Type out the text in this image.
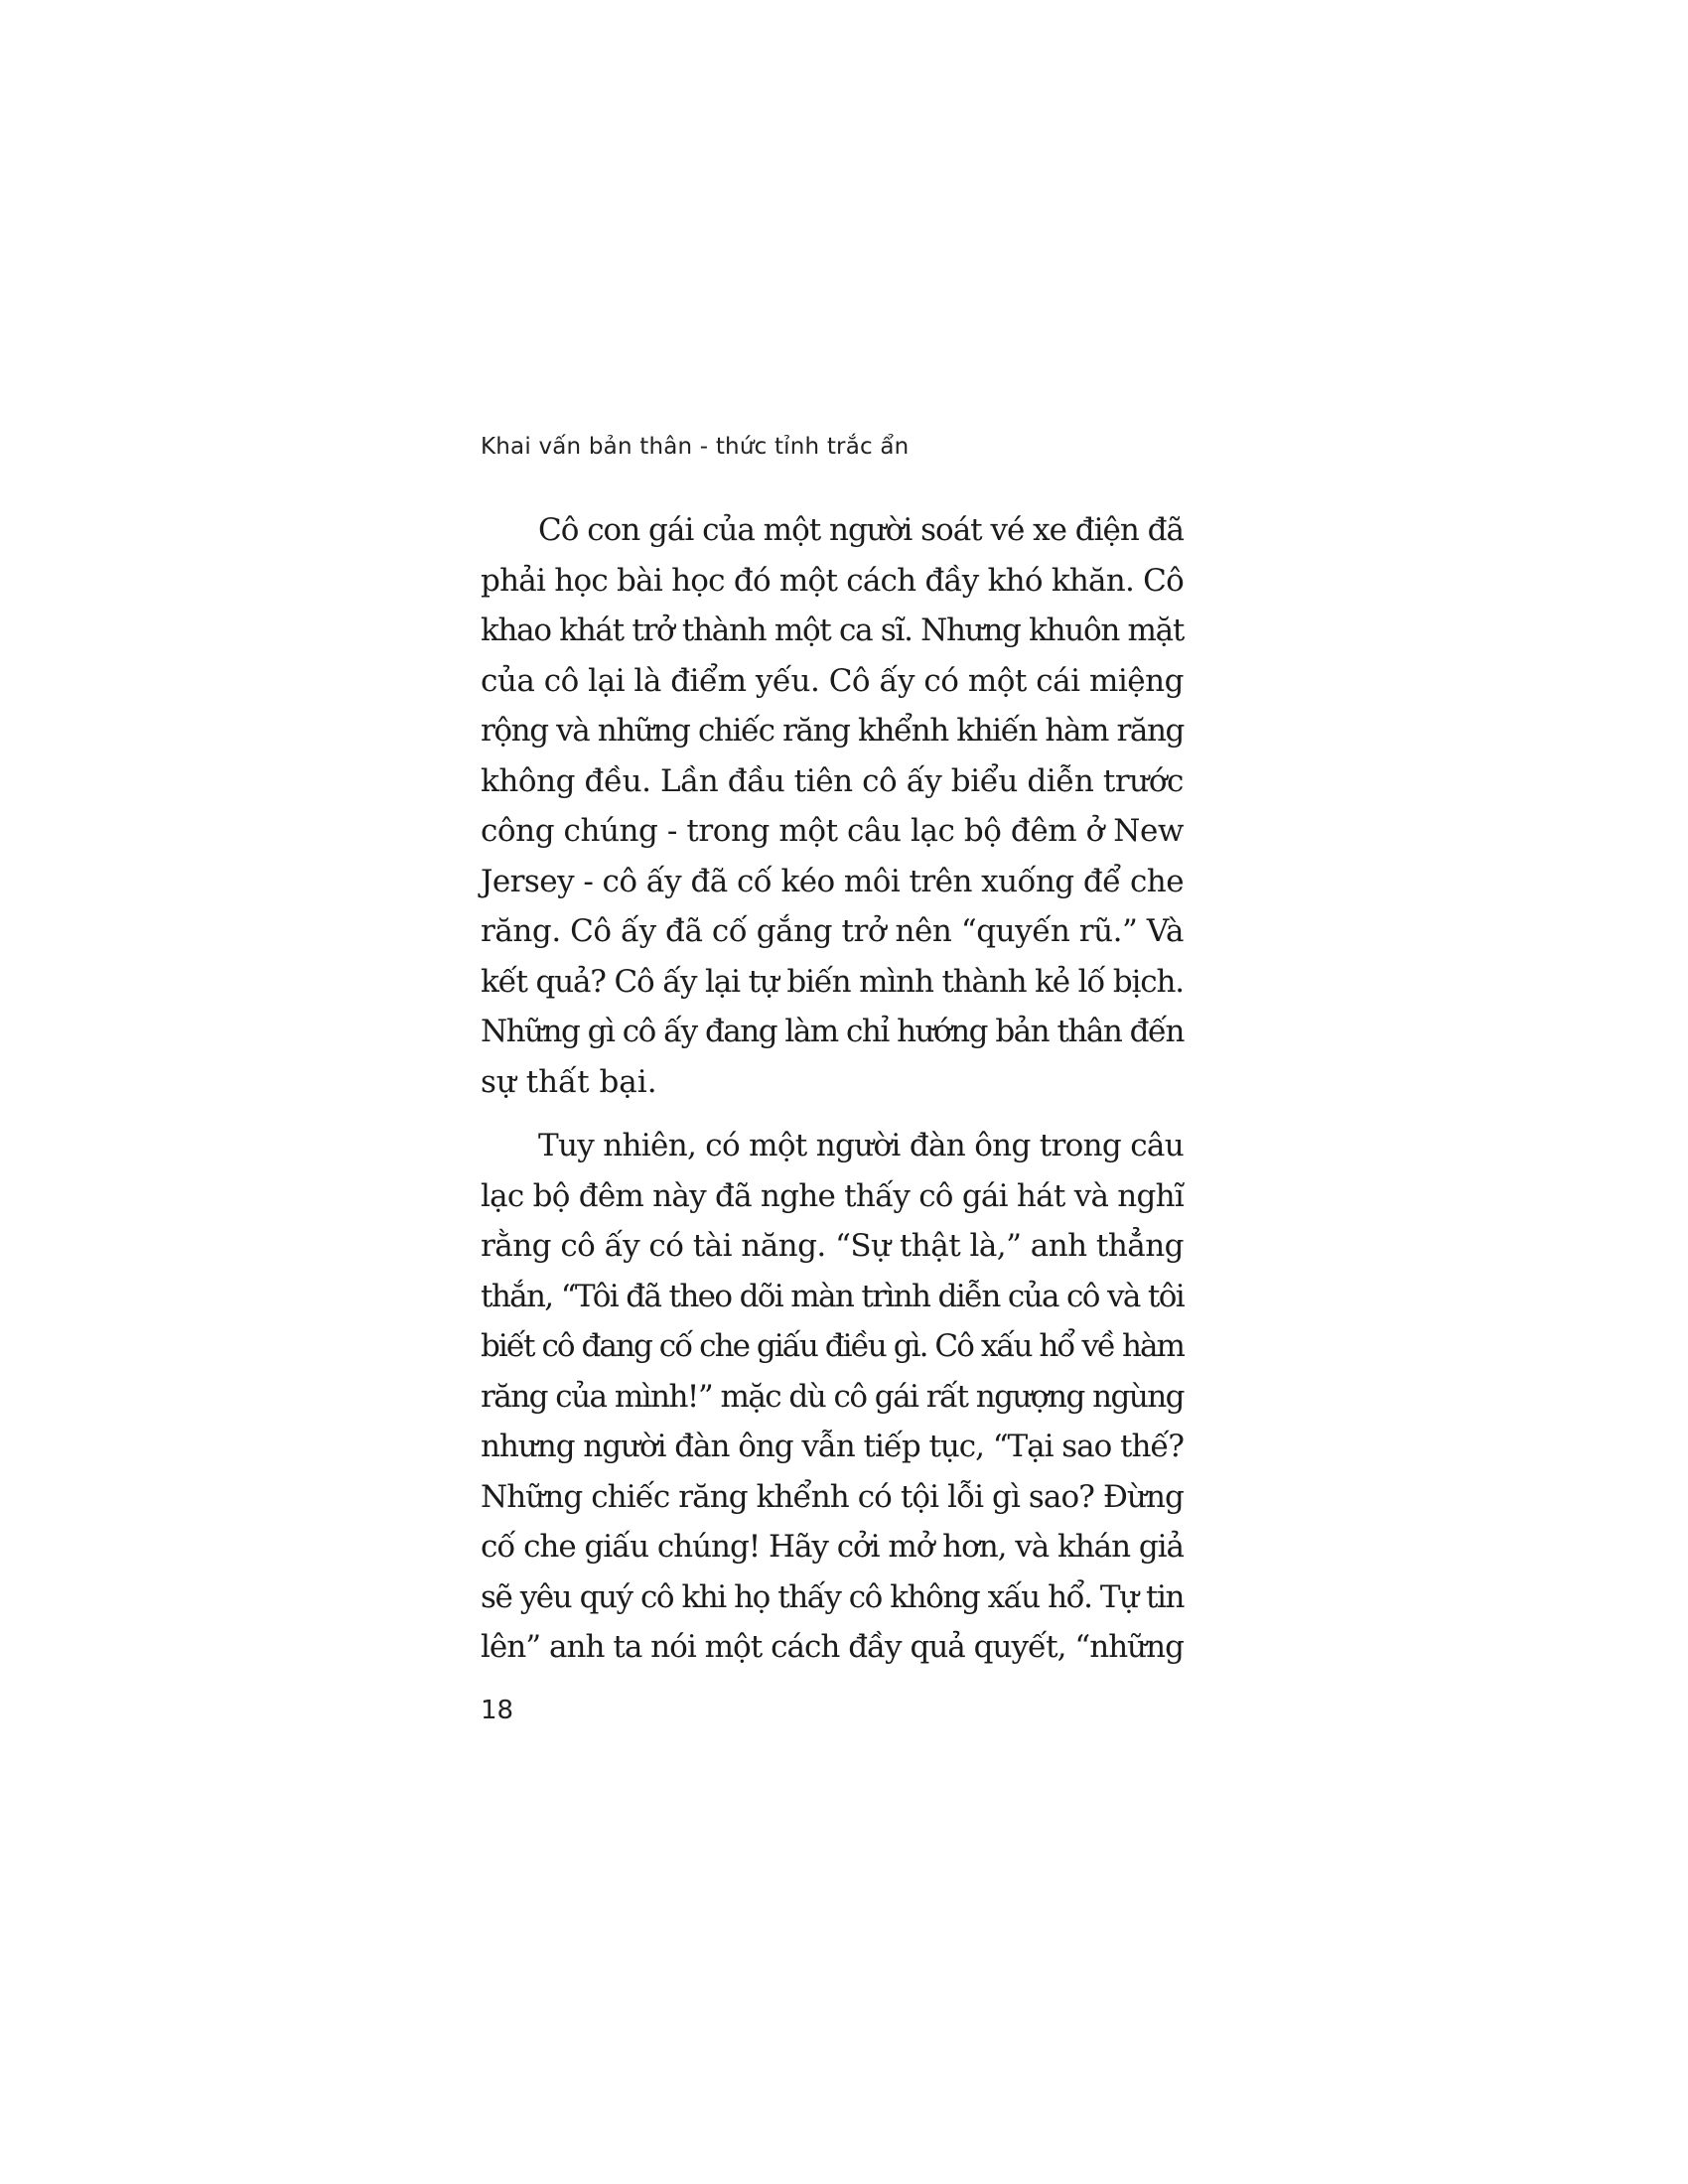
Khai vấn bản thân - thức tỉnh trắc ẩn
Cô con gái của một người soát vé xe điện đã
phải học bài học đó một cách đầy khó khăn. Cô
khao khát trở thành một ca sĩ. Nhưng khuôn mặt
của cô lại là điểm yếu. Cô ấy có một cái miệng
rộng và những chiếc răng khểnh khiến hàm răng
không đều. Lần đầu tiên cô ấy biểu diễn trước
công chúng - trong một câu lạc bộ đêm ở New
Jersey - cô ấy đã cố kéo môi trên xuống để che
răng. Cô ấy đã cố gắng trở nên “quyến rũ.” Và
kết quả? Cô ấy lại tự biến mình thành kẻ lố bịch.
Những gì cô ấy đang làm chỉ hướng bản thân đến
sự thất bại.
Tuy nhiên, có một người đàn ông trong câu
lạc bộ đêm này đã nghe thấy cô gái hát và nghĩ
rằng cô ấy có tài năng. “Sự thật là,” anh thẳng
thắn, “Tôi đã theo dõi màn trình diễn của cô và tôi
biết cô đang cố che giấu điều gì. Cô xấu hổ về hàm
răng của mình!” mặc dù cô gái rất ngượng ngùng
nhưng người đàn ông vẫn tiếp tục, “Tại sao thế?
Những chiếc răng khểnh có tội lỗi gì sao? Đừng
cố che giấu chúng! Hãy cởi mở hơn, và khán giả
sẽ yêu quý cô khi họ thấy cô không xấu hổ. Tự tin
lên” anh ta nói một cách đầy quả quyết, “những
18
